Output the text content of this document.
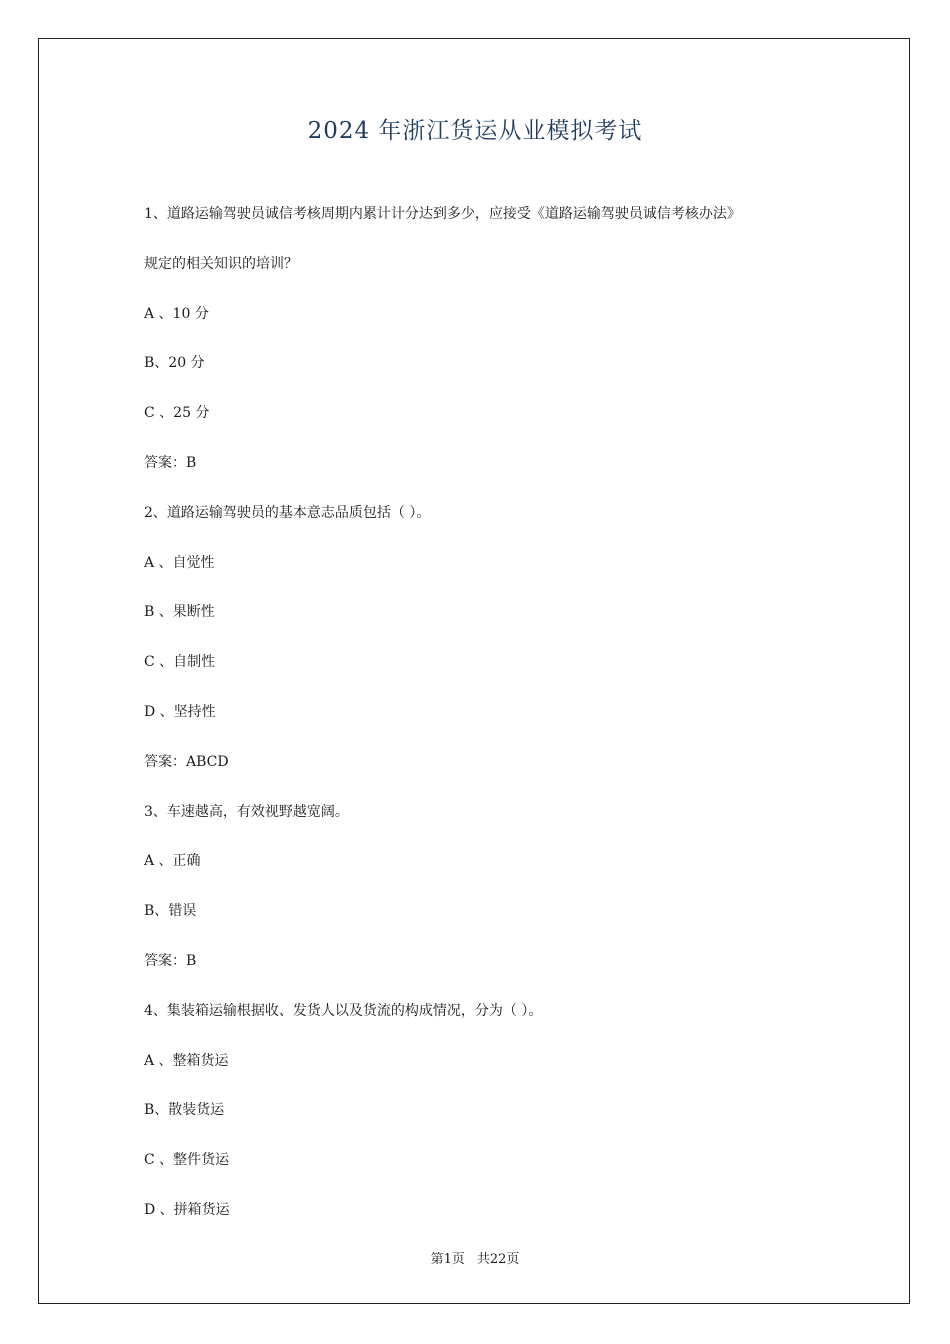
2024 年浙江货运从业模拟考试
1、道路运输驾驶员诚信考核周期内累计计分达到多少，应接受《道路运输驾驶员诚信考核办法》
规定的相关知识的培训？
A 、10 分
B、20 分
C 、25 分
答案：B
2、道路运输驾驶员的基本意志品质包括（ ）。
A 、自觉性
B 、果断性
C 、自制性
D 、坚持性
答案：ABCD
3、车速越高，有效视野越宽阔。
A 、正确
B、错误
答案：B
4、集装箱运输根据收、发货人以及货流的构成情况，分为（ ）。
A 、整箱货运
B、散装货运
C 、整件货运
D 、拼箱货运
第1页 共22页
